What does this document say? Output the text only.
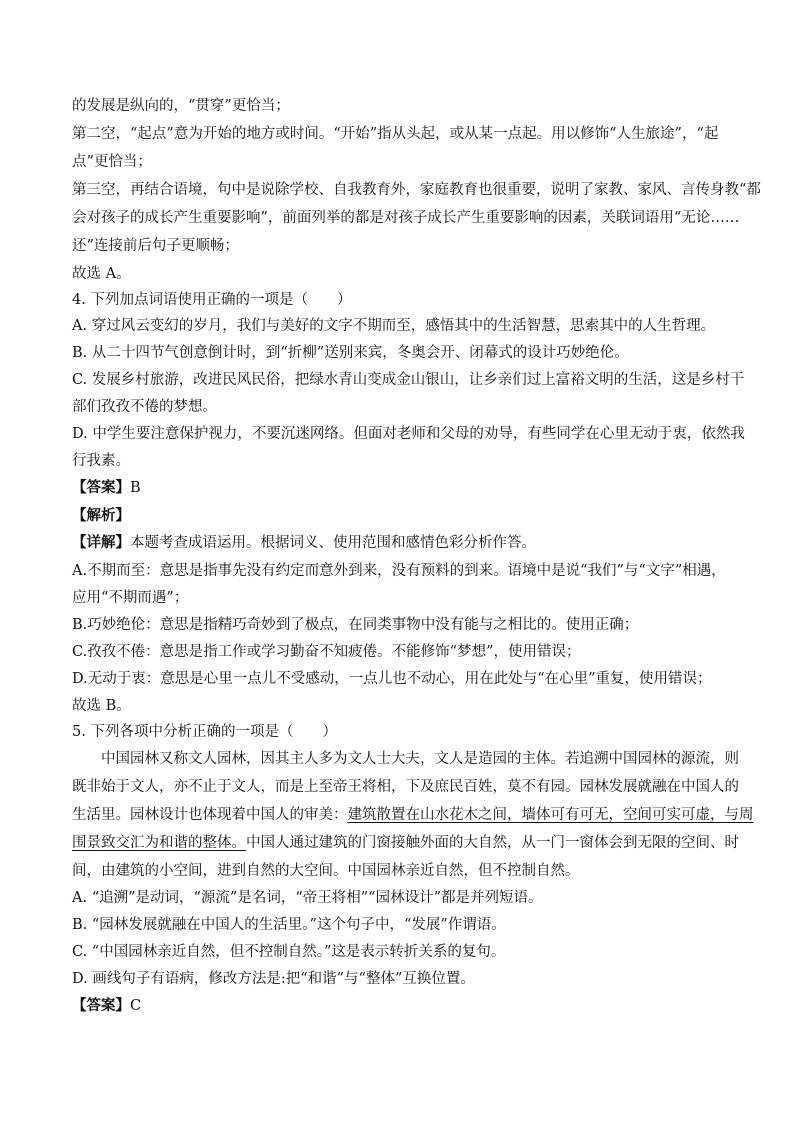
的发展是纵向的，“贯穿”更恰当；
第二空，“起点”意为开始的地方或时间。“开始”指从头起，或从某一点起。用以修饰“人生旅途”，“起
点”更恰当；
第三空，再结合语境，句中是说除学校、自我教育外，家庭教育也很重要，说明了家教、家风、言传身教“都
会对孩子的成长产生重要影响”，前面列举的都是对孩子成长产生重要影响的因素，关联词语用“无论……
还”连接前后句子更顺畅；
故选 A。
4. 下列加点词语使用正确的一项是（　　）
A. 穿过风云变幻的岁月，我们与美好的文字不期而至，感悟其中的生活智慧，思索其中的人生哲理。
B. 从二十四节气创意倒计时，到“折柳”送别来宾，冬奥会开、闭幕式的设计巧妙绝伦。
C. 发展乡村旅游，改进民风民俗，把绿水青山变成金山银山，让乡亲们过上富裕文明的生活，这是乡村干
部们孜孜不倦的梦想。
D. 中学生要注意保护视力，不要沉迷网络。但面对老师和父母的劝导，有些同学在心里无动于衷，依然我
行我素。
【答案】B
【解析】
【详解】本题考查成语运用。根据词义、使用范围和感情色彩分析作答。
A.不期而至：意思是指事先没有约定而意外到来，没有预料的到来。语境中是说“我们”与“文字”相遇，
应用“不期而遇”；
B.巧妙绝伦：意思是指精巧奇妙到了极点，在同类事物中没有能与之相比的。使用正确；
C.孜孜不倦：意思是指工作或学习勤奋不知疲倦。不能修饰“梦想”，使用错误；
D.无动于衷：意思是心里一点儿不受感动，一点儿也不动心，用在此处与“在心里”重复，使用错误；
故选 B。
5. 下列各项中分析正确的一项是（　　）
中国园林又称文人园林，因其主人多为文人士大夫，文人是造园的主体。若追溯中国园林的源流，则
既非始于文人，亦不止于文人，而是上至帝王将相，下及庶民百姓，莫不有园。园林发展就融在中国人的
生活里。园林设计也体现着中国人的审美：建筑散置在山水花木之间，墙体可有可无，空间可实可虚，与周
围景致交汇为和谐的整体。中国人通过建筑的门窗接触外面的大自然，从一门一窗体会到无限的空间、时
间，由建筑的小空间，进到自然的大空间。中国园林亲近自然，但不控制自然。
A. “追溯”是动词，“源流”是名词，“帝王将相”“园林设计”都是并列短语。
B. “园林发展就融在中国人的生活里。”这个句子中，“发展”作谓语。
C. “中国园林亲近自然，但不控制自然。”这是表示转折关系的复句。
D. 画线句子有语病，修改方法是:把“和谐”与“整体”互换位置。
【答案】C
